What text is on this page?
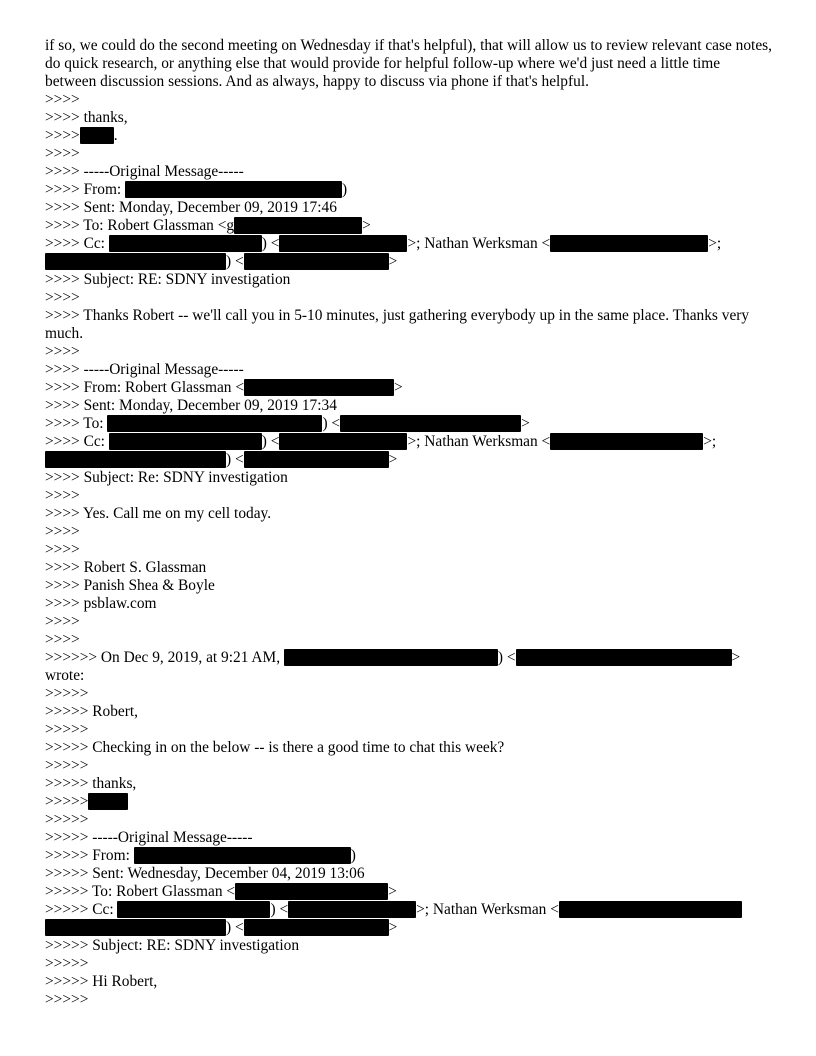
if so, we could do the second meeting on Wednesday if that's helpful), that will allow us to review relevant case notes, do quick research, or anything else that would provide for helpful follow-up where we'd just need a little time between discussion sessions. And as always, happy to discuss via phone if that's helpful.
>>>>
>>>> thanks,
>>>> .
>>>>
>>>> -----Original Message-----
>>>> From:	)
>>>> Sent: Monday, December 09, 2019 17:46
>>>> To: Robert Glassman <g	>
>>>> Cc:	) <	>; Nathan Werksman <	>;
) <	>
>>>> Subject: RE: SDNY investigation
>>>>
>>>> Thanks Robert -- we'll call you in 5-10 minutes, just gathering everybody up in the same place. Thanks very much.
>>>>
>>>> -----Original Message-----
>>>> From: Robert Glassman <	>
>>>> Sent: Monday, December 09, 2019 17:34
>>>> To:	) <	>
>>>> Cc:	) <	>; Nathan Werksman <	>;
) <	>
>>>> Subject: Re: SDNY investigation
>>>>
>>>> Yes. Call me on my cell today.
>>>>
>>>>
>>>> Robert S. Glassman
>>>> Panish Shea & Boyle
>>>> psblaw.com
>>>>
>>>>
>>>>>> On Dec 9, 2019, at 9:21 AM,	) <	>
wrote:
>>>>>
>>>>> Robert,
>>>>>
>>>>> Checking in on the below -- is there a good time to chat this week?
>>>>>
>>>>> thanks,
>>>>>
>>>>>
>>>>> -----Original Message-----
>>>>> From:	)
>>>>> Sent: Wednesday, December 04, 2019 13:06
>>>>> To: Robert Glassman <	>
>>>>> Cc:	) <	>; Nathan Werksman <
) <	>
>>>>> Subject: RE: SDNY investigation
>>>>>
>>>>> Hi Robert,
>>>>>
